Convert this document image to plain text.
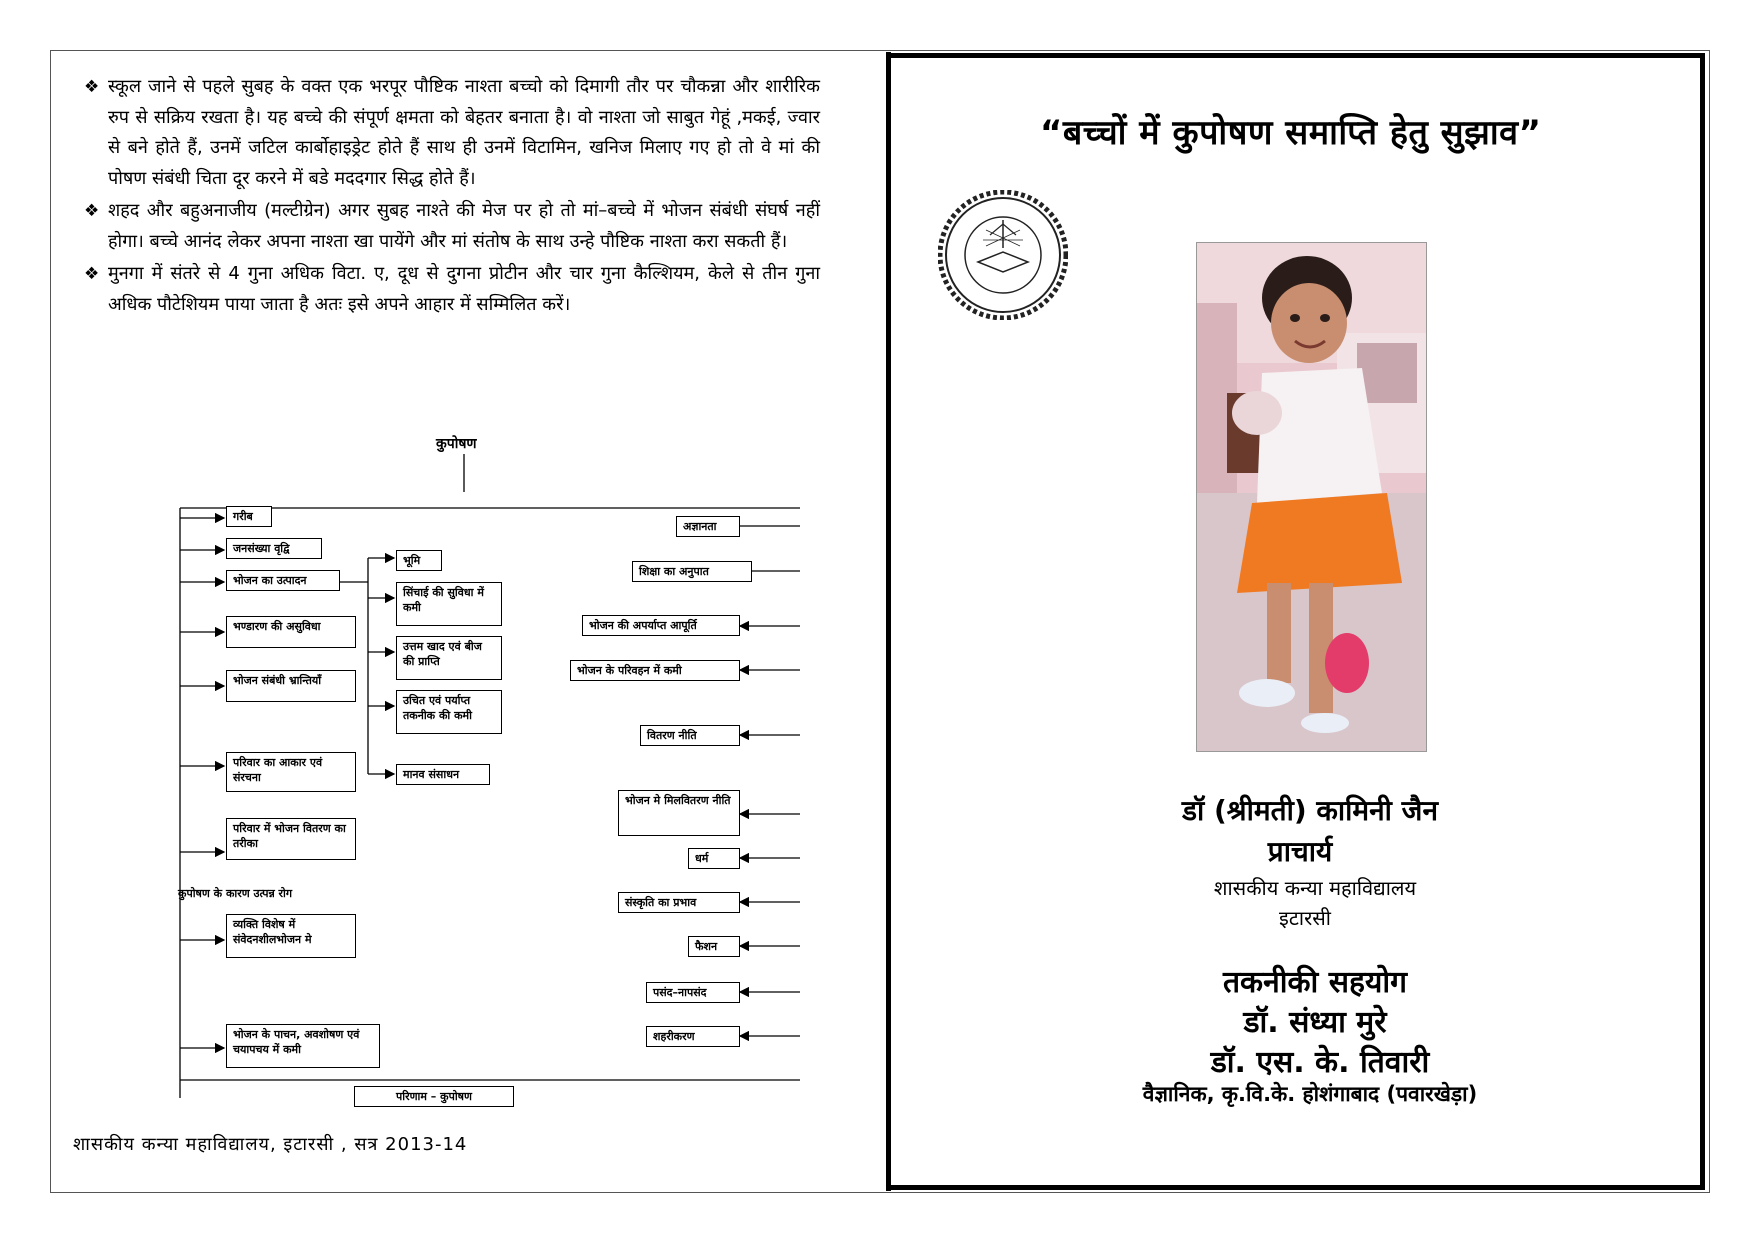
❖ स्कूल जाने से पहले सुबह के वक्त एक भरपूर पौष्टिक नाश्ता बच्चो को दिमागी तौर पर चौकन्ना और शारीरिक रुप से सक्रिय रखता है। यह बच्चे की संपूर्ण क्षमता को बेहतर बनाता है। वो नाश्ता जो साबुत गेहूं ,मकई, ज्वार से बने होते हैं, उनमें जटिल कार्बोहाइड्रेट होते हैं साथ ही उनमें विटामिन, खनिज मिलाए गए हो तो वे मां की पोषण संबंधी चिता दूर करने में बडे मददगार सिद्ध होते हैं।
❖ शहद और बहुअनाजीय (मल्टीग्रेन) अगर सुबह नाश्ते की मेज पर हो तो मां–बच्चे में भोजन संबंधी संघर्ष नहीं होगा। बच्चे आनंद लेकर अपना नाश्ता खा पायेंगे और मां संतोष के साथ उन्हे पौष्टिक नाश्ता करा सकती हैं।
❖ मुनगा में संतरे से 4 गुना अधिक विटा. ए, दूध से दुगना प्रोटीन और चार गुना कैल्शियम, केले से तीन गुना अधिक पौटेशियम पाया जाता है अतः इसे अपने आहार में सम्मिलित करें।
कुपोषण
गरीब
जनसंख्या वृद्वि
भोजन का उत्पादन
भण्डारण की असुविधा
भोजन संबंधी भ्रान्तियॉं
परिवार का आकार एवं संरचना
परिवार में भोजन वितरण का तरीका
कुपोषण के कारण उत्पन्न रोग
व्यक्ति विशेष में संवेदनशीलभोजन मे
भोजन के पाचन, अवशोषण एवं चयापचय में कमी
भूमि
सिंचाई की सुविधा में कमी
उत्तम खाद एवं बीज की प्राप्ति
उचित एवं पर्याप्त तकनीक की कमी
मानव संसाधन
अज्ञानता
शिक्षा का अनुपात
भोजन की अपर्याप्त आपूर्ति
भोजन के परिवहन में कमी
वितरण नीति
भोजन मे मिलवितरण नीति
धर्म
संस्कृति का प्रभाव
फैशन
पसंद–नापसंद
शहरीकरण
परिणाम – कुपोषण
शासकीय कन्या महाविद्यालय, इटारसी , सत्र 2013-14
“बच्चों में कुपोषण समाप्ति हेतु सुझाव”
डॉ (श्रीमती) कामिनी जैन
प्राचार्य
शासकीय कन्या महाविद्यालय
इटारसी
तकनीकी सहयोग
डॉ. संध्या मुरे
डॉ. एस. के. तिवारी
वैज्ञानिक, कृ.वि.के. होशंगाबाद (पवारखेड़ा)
